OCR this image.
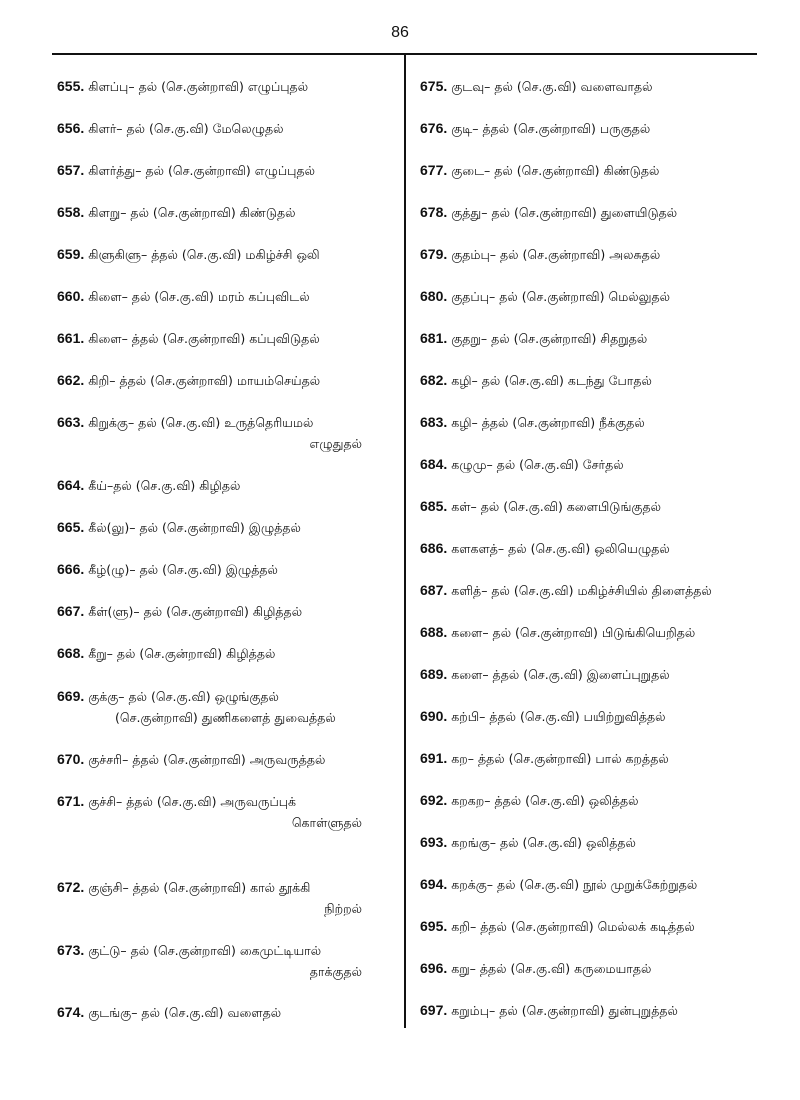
86
655. கிளப்பு– தல் (செ.குன்றாவி) எழுப்புதல்
656. கிளர்– தல் (செ.கு.வி) மேலெழுதல்
657. கிளர்த்து– தல் (செ.குன்றாவி) எழுப்புதல்
658. கிளறு– தல் (செ.குன்றாவி) கிண்டுதல்
659. கிளுகிளு– த்தல் (செ.கு.வி) மகிழ்ச்சி ஒலி
660. கிளை– தல் (செ.கு.வி) மரம் கப்புவிடல்
661. கிளை– த்தல் (செ.குன்றாவி) கப்புவிடுதல்
662. கிறி– த்தல் (செ.குன்றாவி) மாயம்செய்தல்
663. கிறுக்கு– தல் (செ.கு.வி) உருத்தெரியமல்
எழுதுதல்
664. கீய்–தல் (செ.கு.வி) கிழிதல்
665. கீல்(லு)– தல் (செ.குன்றாவி) இழுத்தல்
666. கீழ்(ழு)– தல் (செ.கு.வி) இழுத்தல்
667. கீள்(ளு)– தல் (செ.குன்றாவி) கிழித்தல்
668. கீறு– தல் (செ.குன்றாவி) கிழித்தல்
669. குக்கு– தல் (செ.கு.வி) ஒழுங்குதல்
(செ.குன்றாவி) துணிகளைத் துவைத்தல்
670. குச்சரி– த்தல் (செ.குன்றாவி) அருவருத்தல்
671. குச்சி– த்தல் (செ.கு.வி) அருவருப்புக்
கொள்ளுதல்
672. குஞ்சி– த்தல் (செ.குன்றாவி) கால் தூக்கி
நிற்றல்
673. குட்டு– தல் (செ.குன்றாவி) கைமுட்டியால்
தாக்குதல்
674. குடங்கு– தல் (செ.கு.வி) வளைதல்
675. குடவு– தல் (செ.கு.வி) வளைவாதல்
676. குடி– த்தல் (செ.குன்றாவி) பருகுதல்
677. குடை– தல் (செ.குன்றாவி) கிண்டுதல்
678. குத்து– தல் (செ.குன்றாவி) துளையிடுதல்
679. குதம்பு– தல் (செ.குன்றாவி) அலசுதல்
680. குதப்பு– தல் (செ.குன்றாவி) மெல்லுதல்
681. குதறு– தல் (செ.குன்றாவி) சிதறுதல்
682. கழி– தல் (செ.கு.வி) கடந்து போதல்
683. கழி– த்தல் (செ.குன்றாவி) நீக்குதல்
684. கழுமு– தல் (செ.கு.வி) சேர்தல்
685. கள்– தல் (செ.கு.வி) களைபிடுங்குதல்
686. களகளத்– தல் (செ.கு.வி) ஒலியெழுதல்
687. களித்– தல் (செ.கு.வி) மகிழ்ச்சியில் திளைத்தல்
688. களை– தல் (செ.குன்றாவி) பிடுங்கியெறிதல்
689. களை– த்தல் (செ.கு.வி) இளைப்புறுதல்
690. கற்பி– த்தல் (செ.கு.வி) பயிற்றுவித்தல்
691. கற– த்தல் (செ.குன்றாவி) பால் கறத்தல்
692. கறகற– த்தல் (செ.கு.வி) ஒலித்தல்
693. கறங்கு– தல் (செ.கு.வி) ஒலித்தல்
694. கறக்கு– தல் (செ.கு.வி) நூல் முறுக்கேற்றுதல்
695. கறி– த்தல் (செ.குன்றாவி) மெல்லக் கடித்தல்
696. கறு– த்தல் (செ.கு.வி) கருமையாதல்
697. கறும்பு– தல் (செ.குன்றாவி) துன்புறுத்தல்
